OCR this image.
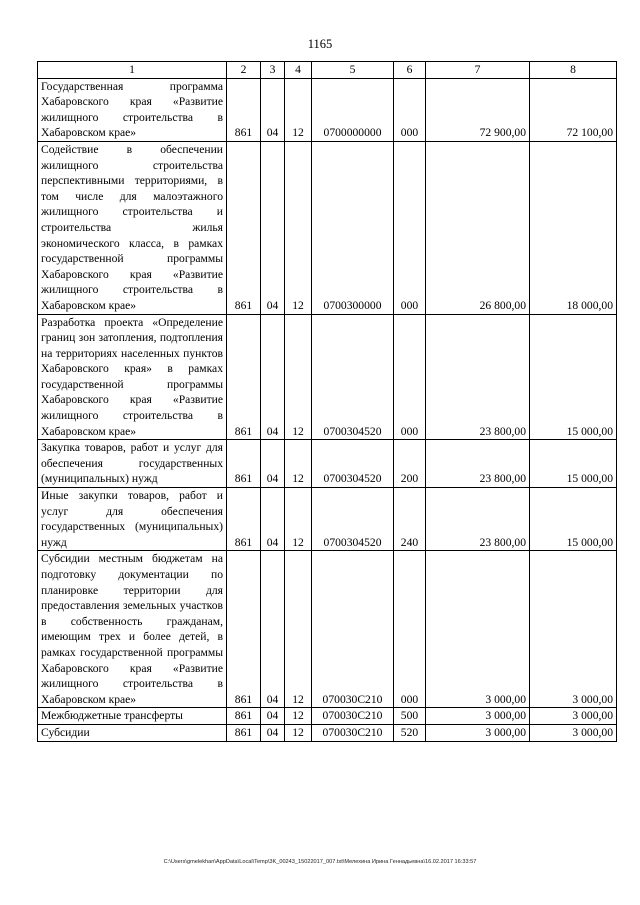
1165
1	2	3	4	5	6	7	8
Государственная программа Хабаровского края «Развитие жилищного строительства в Хабаровском крае»	861	04	12	0700000000	000	72 900,00	72 100,00
Содействие в обеспечении жилищного строительства перспективными территориями, в том числе для малоэтажного жилищного строительства и строительства жилья экономического класса, в рамках государственной программы Хабаровского края «Развитие жилищного строительства в Хабаровском крае»	861	04	12	0700300000	000	26 800,00	18 000,00
Разработка проекта «Определение границ зон затопления, подтопления на территориях населенных пунктов Хабаровского края» в рамках государственной программы Хабаровского края «Развитие жилищного строительства в Хабаровском крае»	861	04	12	0700304520	000	23 800,00	15 000,00
Закупка товаров, работ и услуг для обеспечения государственных (муниципальных) нужд	861	04	12	0700304520	200	23 800,00	15 000,00
Иные закупки товаров, работ и услуг для обеспечения государственных (муниципальных) нужд	861	04	12	0700304520	240	23 800,00	15 000,00
Субсидии местным бюджетам на подготовку документации по планировке территории для предоставления земельных участков в собственность гражданам, имеющим трех и более детей, в рамках государственной программы Хабаровского края «Развитие жилищного строительства в Хабаровском крае»	861	04	12	070030С210	000	3 000,00	3 000,00
Межбюджетные трансферты	861	04	12	070030С210	500	3 000,00	3 000,00
Субсидии	861	04	12	070030С210	520	3 000,00	3 000,00
C:\Users\gmelekhan\AppData\Local\Temp\3K_00243_15022017_007.txt\Мелехина Ирина Геннадьевна\16.02.2017 16:33:57
